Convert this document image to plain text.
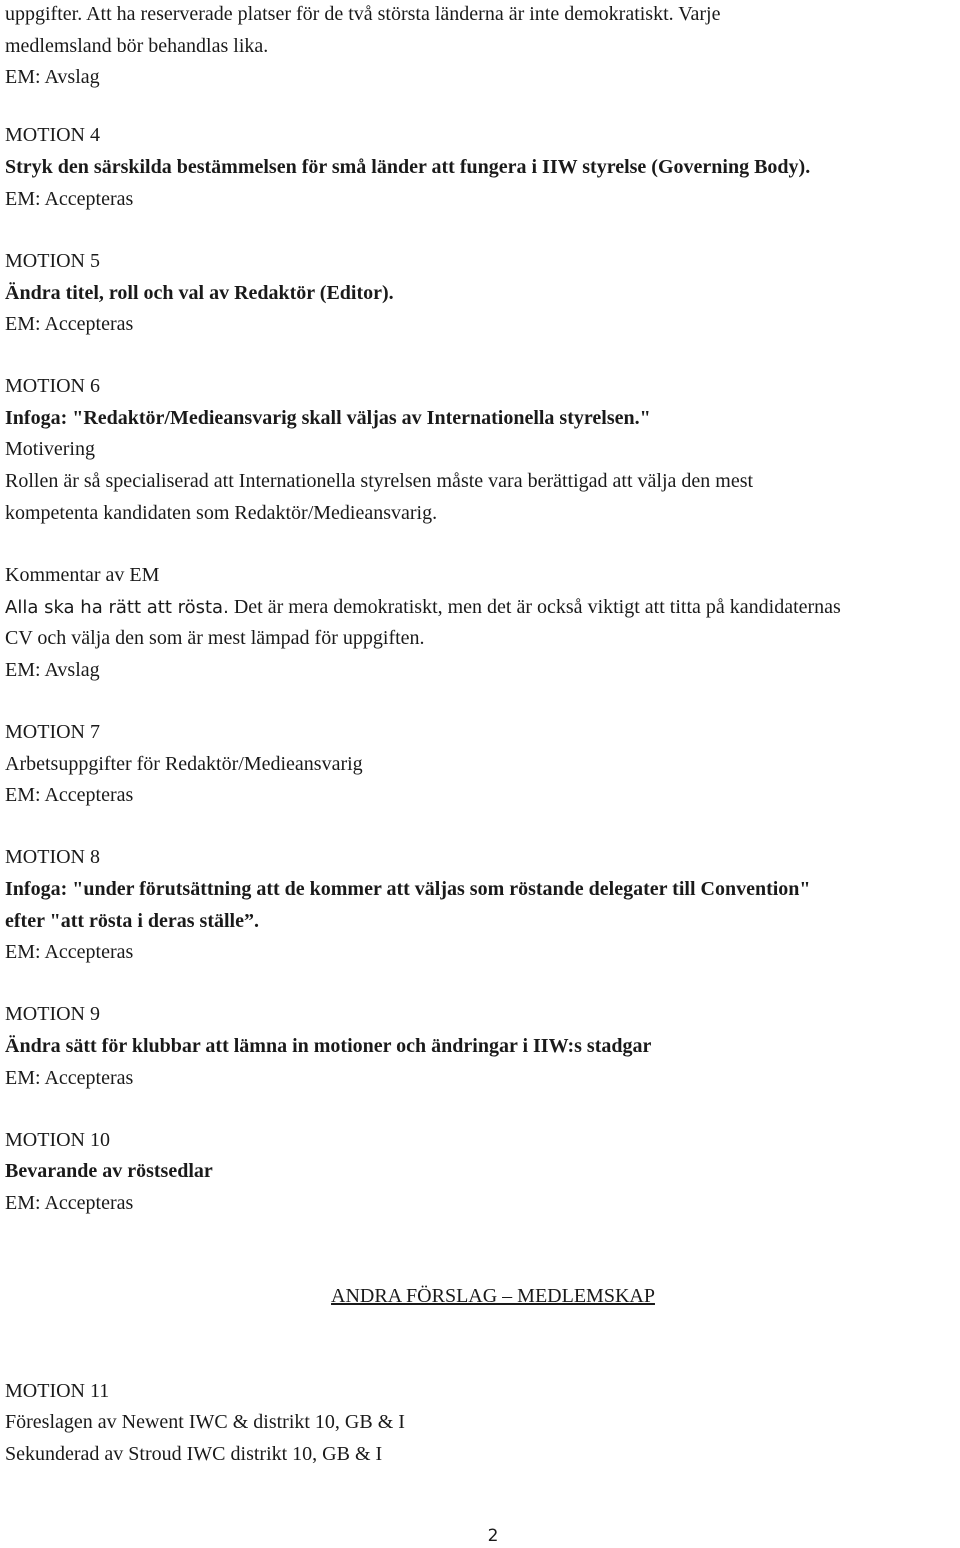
uppgifter. Att ha reserverade platser för de två största länderna är inte demokratiskt. Varje
medlemsland bör behandlas lika.
EM: Avslag
MOTION 4
Stryk den särskilda bestämmelsen för små länder att fungera i IIW styrelse (Governing Body).
EM: Accepteras
MOTION 5
Ändra titel, roll och val av Redaktör (Editor).
EM: Accepteras
MOTION 6
Infoga: "Redaktör/Medieansvarig skall väljas av Internationella styrelsen."
Motivering
Rollen är så specialiserad att Internationella styrelsen måste vara berättigad att välja den mest
kompetenta kandidaten som Redaktör/Medieansvarig.
Kommentar av EM
Alla ska ha rätt att rösta. Det är mera demokratiskt, men det är också viktigt att titta på kandidaternas
CV och välja den som är mest lämpad för uppgiften.
EM: Avslag
MOTION 7
Arbetsuppgifter för Redaktör/Medieansvarig
EM: Accepteras
MOTION 8
Infoga: "under förutsättning att de kommer att väljas som röstande delegater till Convention"
efter "att rösta i deras ställe”.
EM: Accepteras
MOTION 9
Ändra sätt för klubbar att lämna in motioner och ändringar i IIW:s stadgar
EM: Accepteras
MOTION 10
Bevarande av röstsedlar
EM: Accepteras
ANDRA FÖRSLAG – MEDLEMSKAP
MOTION 11
Föreslagen av Newent IWC & distrikt 10, GB & I
Sekunderad av Stroud IWC distrikt 10, GB & I
2
